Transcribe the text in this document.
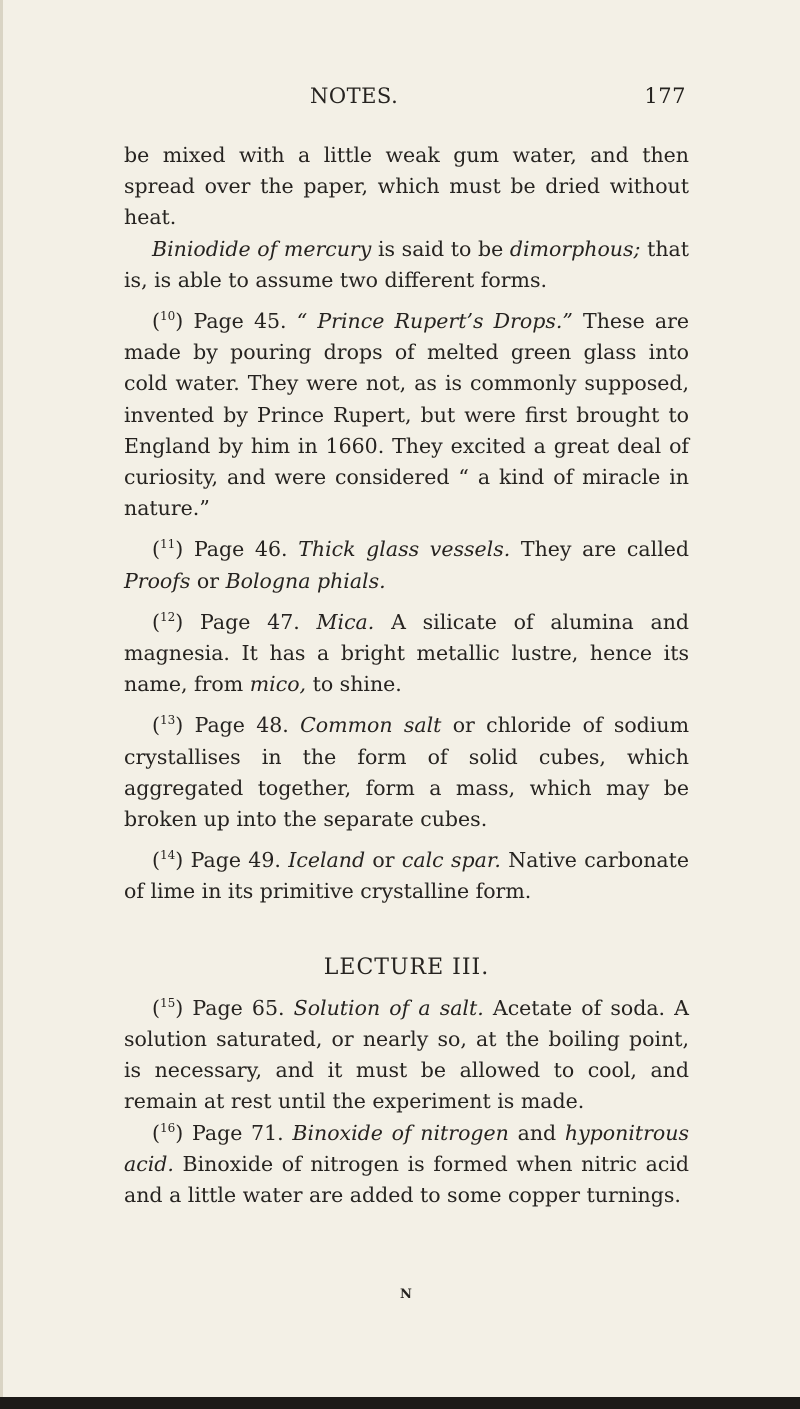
NOTES.	177

be mixed with a little weak gum water, and then spread over the paper, which must be dried without heat.

Biniodide of mercury is said to be dimorphous; that is, is able to assume two different forms.

($^{10}$) Page 45. “ Prince Rupert’s Drops.” These are made by pouring drops of melted green glass into cold water. They were not, as is commonly supposed, invented by Prince Rupert, but were first brought to England by him in 1660. They excited a great deal of curiosity, and were considered “ a kind of miracle in nature.”

($^{11}$) Page 46. Thick glass vessels. They are called Proofs or Bologna phials.

($^{12}$) Page 47. Mica. A silicate of alumina and magnesia. It has a bright metallic lustre, hence its name, from mico, to shine.

($^{13}$) Page 48. Common salt or chloride of sodium crystallises in the form of solid cubes, which aggregated together, form a mass, which may be broken up into the separate cubes.

($^{14}$) Page 49. Iceland or calc spar. Native carbonate of lime in its primitive crystalline form.

LECTURE III.

($^{15}$) Page 65. Solution of a salt. Acetate of soda. A solution saturated, or nearly so, at the boiling point, is necessary, and it must be allowed to cool, and remain at rest until the experiment is made.

($^{16}$) Page 71. Binoxide of nitrogen and hyponitrous acid. Binoxide of nitrogen is formed when nitric acid and a little water are added to some copper turnings.

N
